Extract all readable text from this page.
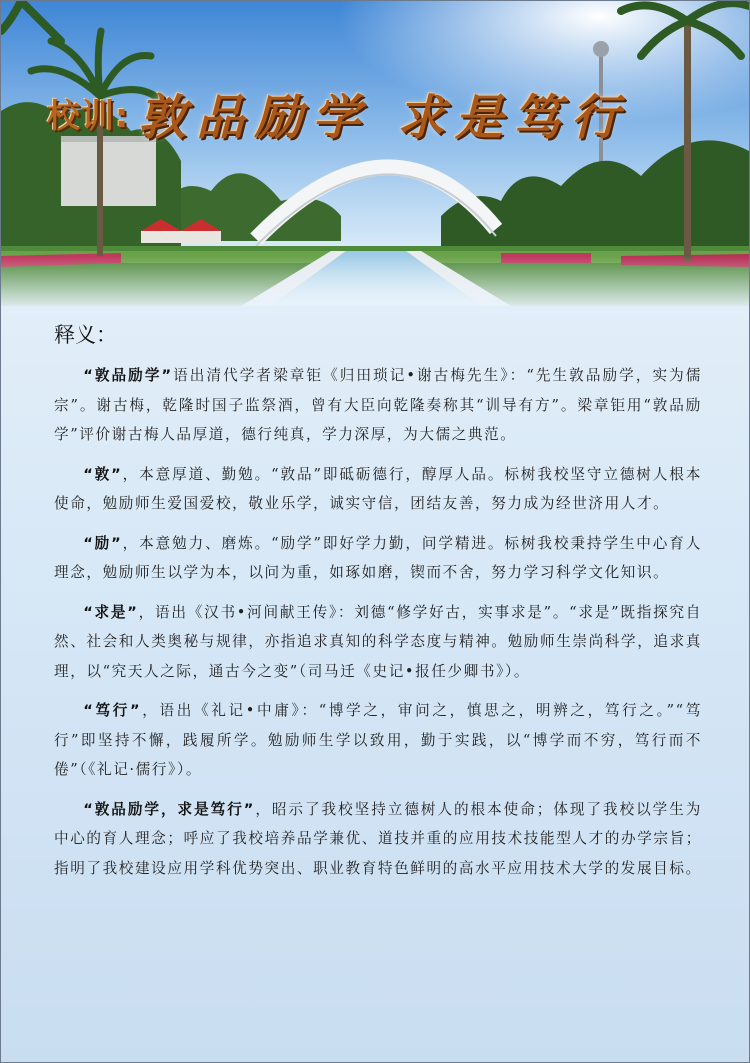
校训: 敦品励学 求是笃行
释义：

“敦品励学”语出清代学者梁章钜《归田琐记•谢古梅先生》：“先生敦品励学，实为儒宗”。谢古梅，乾隆时国子监祭酒，曾有大臣向乾隆奏称其“训导有方”。梁章钜用“敦品励学”评价谢古梅人品厚道，德行纯真，学力深厚，为大儒之典范。

“敦”，本意厚道、勤勉。“敦品”即砥砺德行，醇厚人品。标树我校坚守立德树人根本使命，勉励师生爱国爱校，敬业乐学，诚实守信，团结友善，努力成为经世济用人才。

“励”，本意勉力、磨炼。“励学”即好学力勤，问学精进。标树我校秉持学生中心育人理念，勉励师生以学为本，以问为重，如琢如磨，锲而不舍，努力学习科学文化知识。

“求是”，语出《汉书•河间献王传》：刘德“修学好古，实事求是”。“求是”既指探究自然、社会和人类奥秘与规律，亦指追求真知的科学态度与精神。勉励师生崇尚科学，追求真理，以“究天人之际，通古今之变”（司马迁《史记•报任少卿书》）。

“笃行”，语出《礼记•中庸》：“博学之，审问之，慎思之，明辨之，笃行之。”“笃行”即坚持不懈，践履所学。勉励师生学以致用，勤于实践，以“博学而不穷，笃行而不倦”（《礼记·儒行》）。

“敦品励学，求是笃行”，昭示了我校坚持立德树人的根本使命；体现了我校以学生为中心的育人理念；呼应了我校培养品学兼优、道技并重的应用技术技能型人才的办学宗旨；指明了我校建设应用学科优势突出、职业教育特色鲜明的高水平应用技术大学的发展目标。
